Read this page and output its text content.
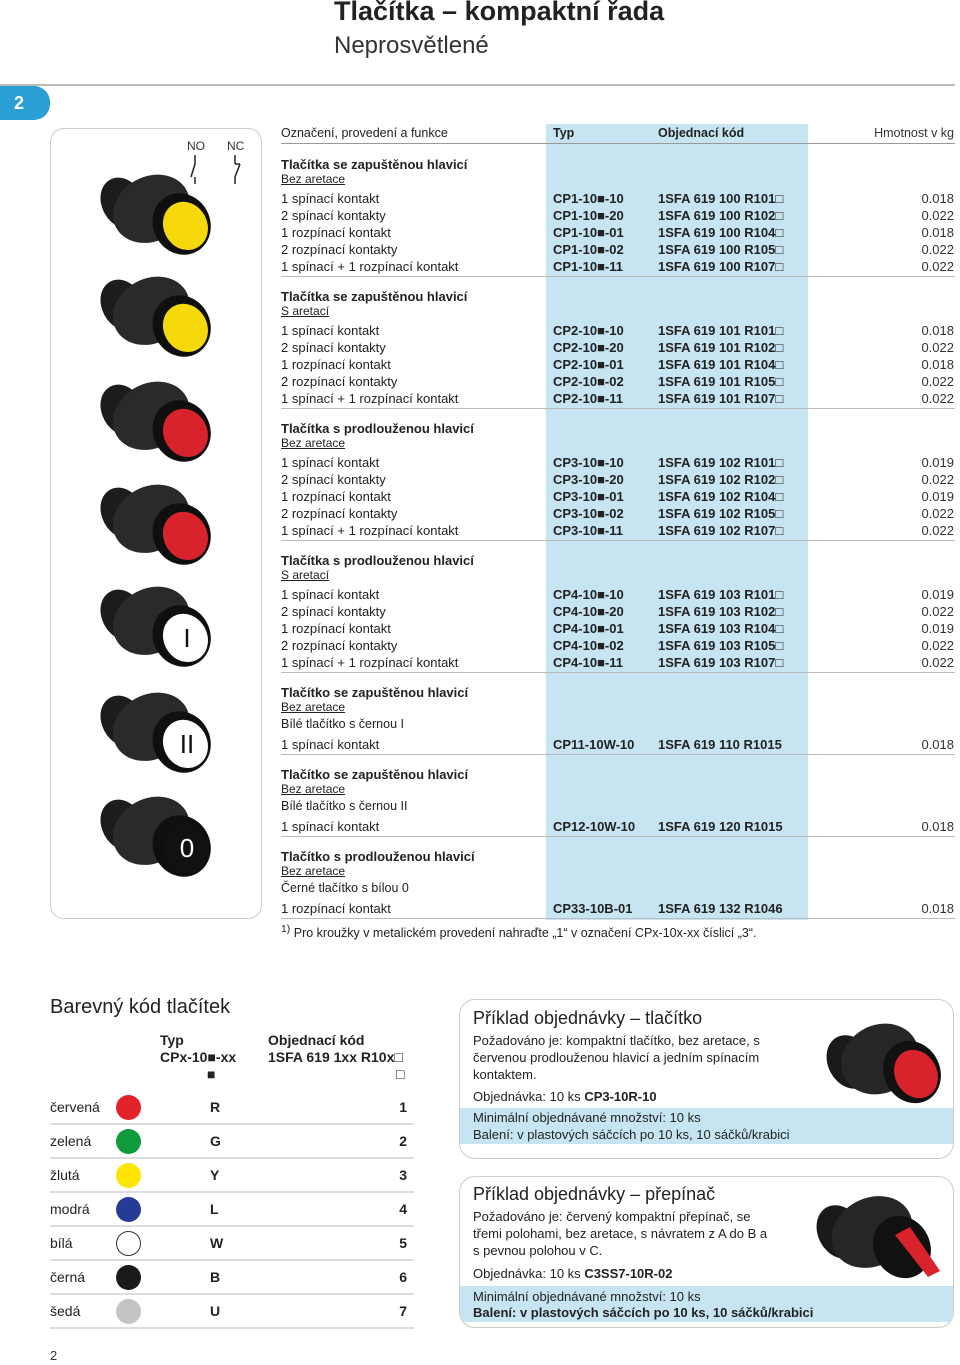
Tlačítka – kompaktní řada
Neprosvětlené
2
NO NC
I
II
0
Označení, provedení a funkce	Typ	Objednací kód	Hmotnost v kg
Tlačítka se zapuštěnou hlavicí
Bez aretace
1 spínací kontakt	CP1-10■-10	1SFA 619 100 R101□	0.018
2 spínací kontakty	CP1-10■-20	1SFA 619 100 R102□	0.022
1 rozpínací kontakt	CP1-10■-01	1SFA 619 100 R104□	0.018
2 rozpínací kontakty	CP1-10■-02	1SFA 619 100 R105□	0.022
1 spínací + 1 rozpínací kontakt	CP1-10■-11	1SFA 619 100 R107□	0.022
Tlačítka se zapuštěnou hlavicí
S aretací
1 spínací kontakt	CP2-10■-10	1SFA 619 101 R101□	0.018
2 spínací kontakty	CP2-10■-20	1SFA 619 101 R102□	0.022
1 rozpínací kontakt	CP2-10■-01	1SFA 619 101 R104□	0.018
2 rozpínací kontakty	CP2-10■-02	1SFA 619 101 R105□	0.022
1 spínací + 1 rozpínací kontakt	CP2-10■-11	1SFA 619 101 R107□	0.022
Tlačítka s prodlouženou hlavicí
Bez aretace
1 spínací kontakt	CP3-10■-10	1SFA 619 102 R101□	0.019
2 spínací kontakty	CP3-10■-20	1SFA 619 102 R102□	0.022
1 rozpínací kontakt	CP3-10■-01	1SFA 619 102 R104□	0.019
2 rozpínací kontakty	CP3-10■-02	1SFA 619 102 R105□	0.022
1 spínací + 1 rozpínací kontakt	CP3-10■-11	1SFA 619 102 R107□	0.022
Tlačítka s prodlouženou hlavicí
S aretací
1 spínací kontakt	CP4-10■-10	1SFA 619 103 R101□	0.019
2 spínací kontakty	CP4-10■-20	1SFA 619 103 R102□	0.022
1 rozpínací kontakt	CP4-10■-01	1SFA 619 103 R104□	0.019
2 rozpínací kontakty	CP4-10■-02	1SFA 619 103 R105□	0.022
1 spínací + 1 rozpínací kontakt	CP4-10■-11	1SFA 619 103 R107□	0.022
Tlačítko se zapuštěnou hlavicí
Bez aretace
Bílé tlačítko s černou I
1 spínací kontakt	CP11-10W-10 1SFA 619 110 R1015	0.018
Tlačítko se zapuštěnou hlavicí
Bez aretace
Bílé tlačítko s černou II
1 spínací kontakt	CP12-10W-10 1SFA 619 120 R1015	0.018
Tlačítko s prodlouženou hlavicí
Bez aretace
Černé tlačítko s bílou 0
1 rozpínací kontakt	CP33-10B-01 1SFA 619 132 R1046	0.018
$^{1)}$ Pro kroužky v metalickém provedení nahraďte „1“ v označení CPx-10x-xx číslicí „3“.
Barevný kód tlačítek
Typ
CPx-10■-xx
■
Objednací kód
1SFA 619 1xx R10x□
□
červená	R	1
zelená	G	2
žlutá	Y	3
modrá	L	4
bílá	W	5
černá	B	6
šedá	U	7
Příklad objednávky – tlačítko
Požadováno je: kompaktní tlačítko, bez aretace, s červenou prodlouženou hlavicí a jedním spínacím kontaktem.
Objednávka: 10 ks CP3-10R-10
Minimální objednávané množství: 10 ks
Balení: v plastových sáčcích po 10 ks, 10 sáčků/krabici
Příklad objednávky – přepínač
Požadováno je: červený kompaktní přepínač, se třemi polohami, bez aretace, s návratem z A do B a s pevnou polohou v C.
Objednávka: 10 ks C3SS7-10R-02
Minimální objednávané množství: 10 ks
Balení: v plastových sáčcích po 10 ks, 10 sáčků/krabici
2
